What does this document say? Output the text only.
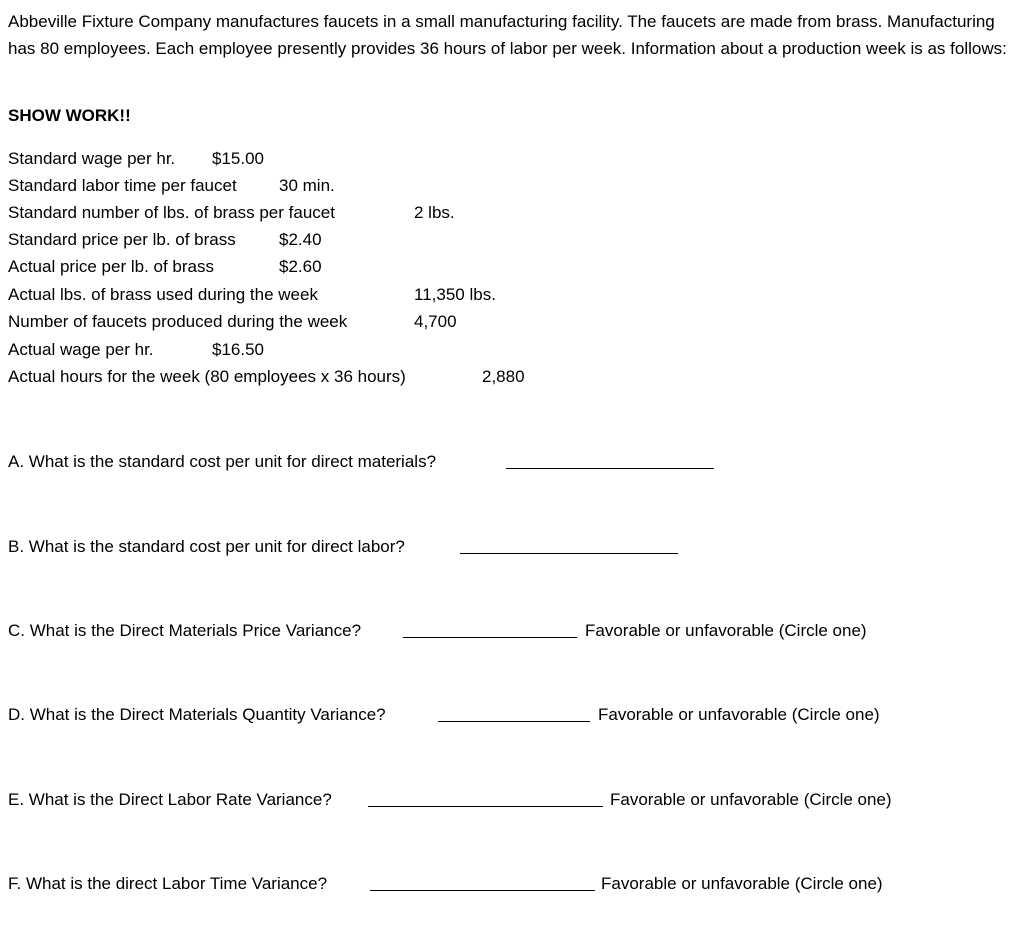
Abbeville Fixture Company manufactures faucets in a small manufacturing facility. The faucets are made from brass. Manufacturing has 80 employees. Each employee presently provides 36 hours of labor per week. Information about a production week is as follows:
SHOW WORK!!
Standard wage per hr. $15.00
Standard labor time per faucet 30 min.
Standard number of lbs. of brass per faucet	2 lbs.
Standard price per lb. of brass	$2.40
Actual price per lb. of brass	$2.60
Actual lbs. of brass used during the week	11,350 lbs.
Number of faucets produced during the week	4,700
Actual wage per hr.	$16.50
Actual hours for the week (80 employees x 36 hours)	2,880
A. What is the standard cost per unit for direct materials?
B. What is the standard cost per unit for direct labor?
C. What is the Direct Materials Price Variance?	Favorable or unfavorable (Circle one)
D. What is the Direct Materials Quantity Variance?	Favorable or unfavorable (Circle one)
E. What is the Direct Labor Rate Variance?	Favorable or unfavorable (Circle one)
F. What is the direct Labor Time Variance?	Favorable or unfavorable (Circle one)
